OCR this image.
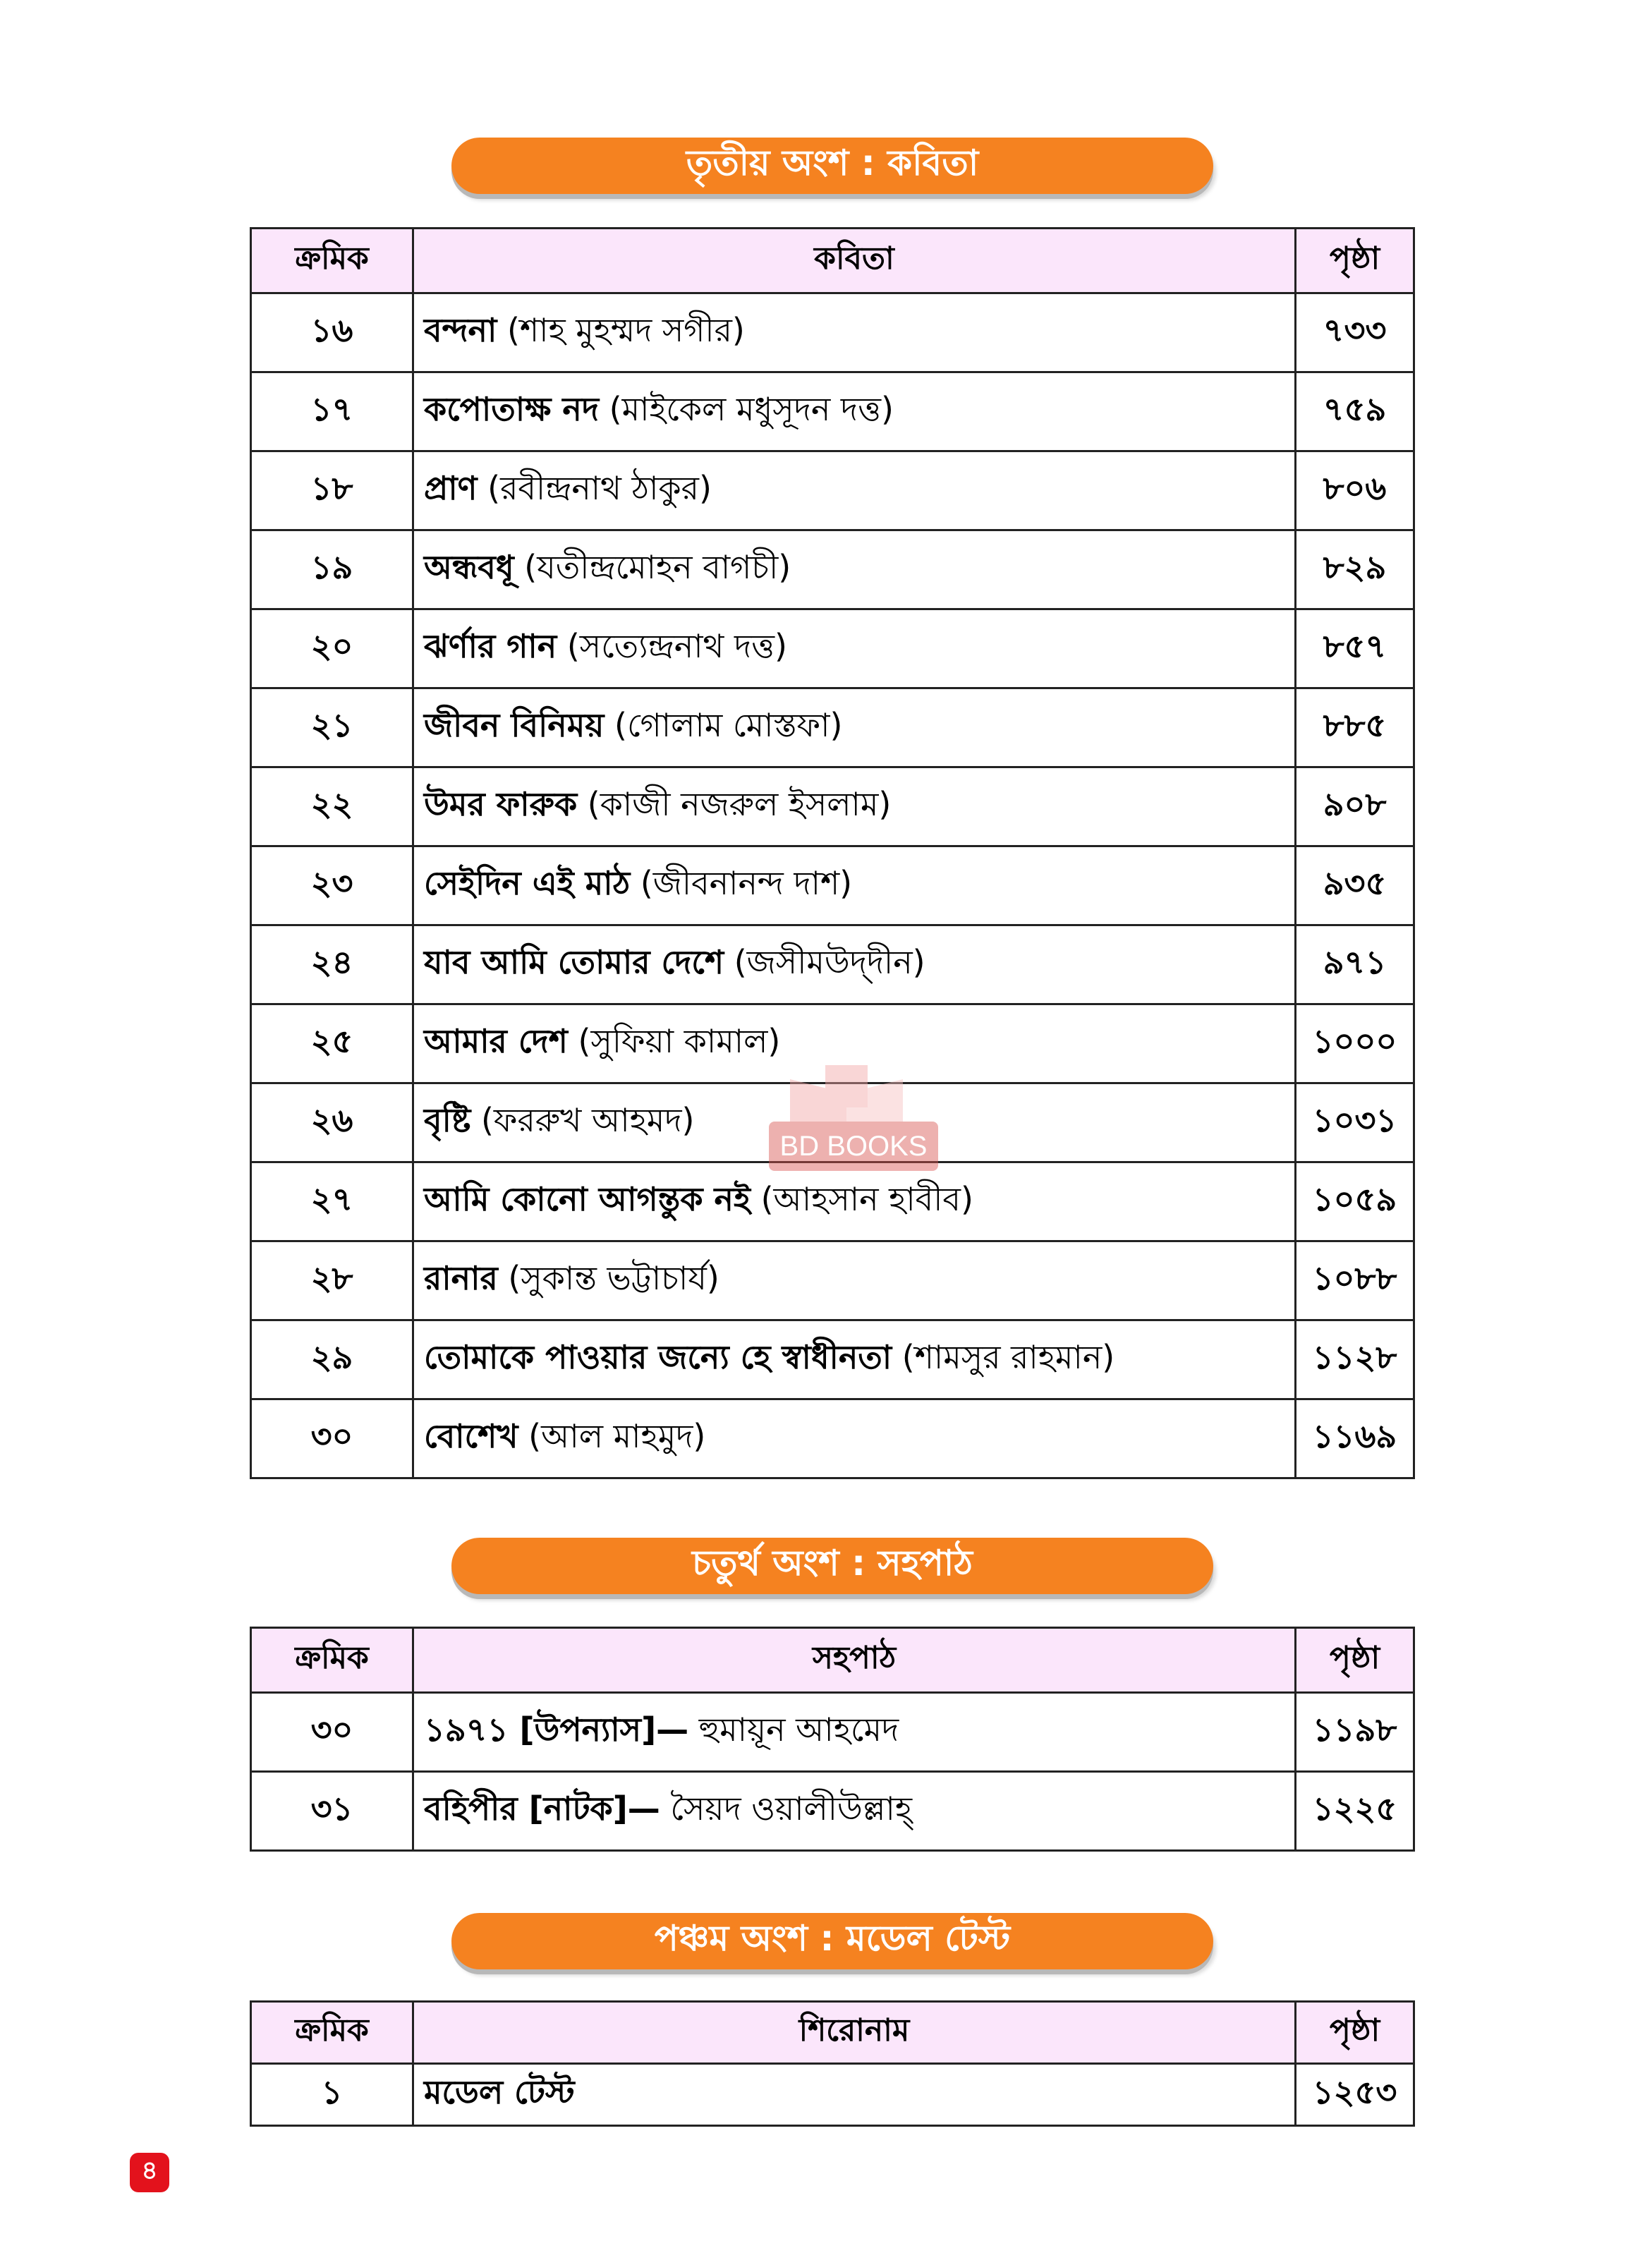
তৃতীয় অংশ : কবিতা
ক্রমিক	কবিতা	পৃষ্ঠা
১৬	বন্দনা (শাহ মুহম্মদ সগীর)	৭৩৩
১৭	কপোতাক্ষ নদ (মাইকেল মধুসূদন দত্ত)	৭৫৯
১৮	প্রাণ (রবীন্দ্রনাথ ঠাকুর)	৮০৬
১৯	অন্ধবধূ (যতীন্দ্রমোহন বাগচী)	৮২৯
২০	ঝর্ণার গান (সত্যেন্দ্রনাথ দত্ত)	৮৫৭
২১	জীবন বিনিময় (গোলাম মোস্তফা)	৮৮৫
২২	উমর ফারুক (কাজী নজরুল ইসলাম)	৯০৮
২৩	সেইদিন এই মাঠ (জীবনানন্দ দাশ)	৯৩৫
২৪	যাব আমি তোমার দেশে (জসীমউদ্‌দীন)	৯৭১
২৫	আমার দেশ (সুফিয়া কামাল)	১০০০
২৬	বৃষ্টি (ফররুখ আহমদ)	১০৩১
২৭	আমি কোনো আগন্তুক নই (আহসান হাবীব)	১০৫৯
২৮	রানার (সুকান্ত ভট্টাচার্য)	১০৮৮
২৯	তোমাকে পাওয়ার জন্যে হে স্বাধীনতা (শামসুর রাহমান)	১১২৮
৩০	বোশেখ (আল মাহমুদ)	১১৬৯
চতুর্থ অংশ : সহপাঠ
ক্রমিক	সহপাঠ	পৃষ্ঠা
৩০	১৯৭১ [উপন্যাস]— হুমায়ূন আহমেদ	১১৯৮
৩১	বহিপীর [নাটক]— সৈয়দ ওয়ালীউল্লাহ্	১২২৫
পঞ্চম অংশ : মডেল টেস্ট
ক্রমিক	শিরোনাম	পৃষ্ঠা
১	মডেল টেস্ট	১২৫৩
BD BOOKS
৪
